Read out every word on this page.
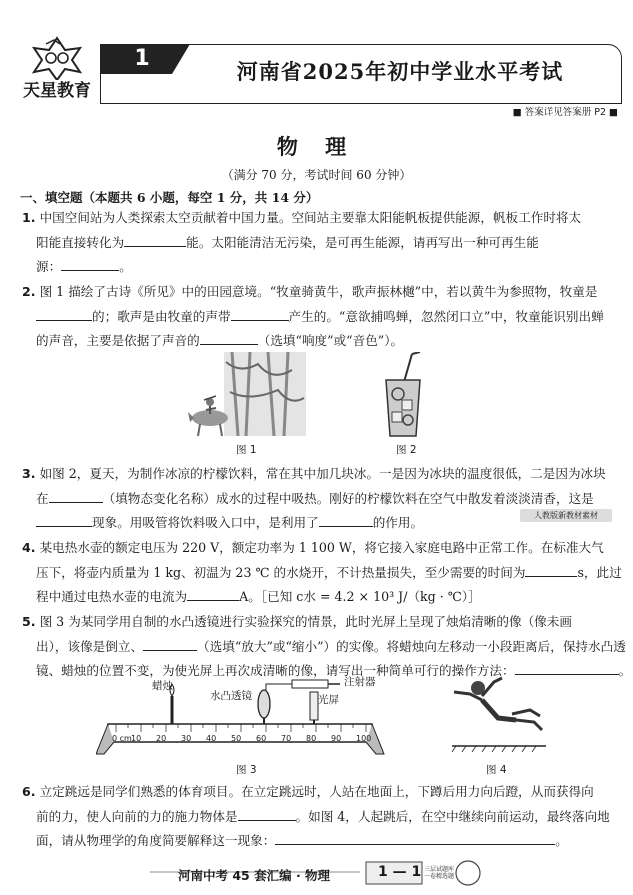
天星教育
1
河南省2025年初中学业水平考试
■ 答案详见答案册 P2 ■
物 理
（满分 70 分，考试时间 60 分钟）
一、填空题（本题共 6 小题，每空 1 分，共 14 分）
1. 中国空间站为人类探索太空贡献着中国力量。空间站主要靠太阳能帆板提供能源，帆板工作时将太
阳能直接转化为	能。太阳能清洁无污染，是可再生能源，请再写出一种可再生能
源：	。
2. 图 1 描绘了古诗《所见》中的田园意境。“牧童骑黄牛，歌声振林樾”中，若以黄牛为参照物，牧童是
的；歌声是由牧童的声带	产生的。“意欲捕鸣蝉，忽然闭口立”中，牧童能识别出蝉
的声音，主要是依据了声音的	（选填“响度”或“音色”）。
图 1	图 2
3. 如图 2，夏天，为制作冰凉的柠檬饮料，常在其中加几块冰。一是因为冰块的温度很低，二是因为冰块
在	（填物态变化名称）成水的过程中吸热。刚好的柠檬饮料在空气中散发着淡淡清香，这是
现象。用吸管将饮料吸入口中，是利用了	的作用。	人教版新教材素材
4. 某电热水壶的额定电压为 220 V，额定功率为 1 100 W，将它接入家庭电路中正常工作。在标准大气
压下，将壶内质量为 1 kg、初温为 23 ℃ 的水烧开，不计热量损失，至少需要的时间为	s，此过
程中通过电热水壶的电流为	A。［已知 c水 = 4.2 × 10³ J/（kg · ℃）］
5. 图 3 为某同学用自制的水凸透镜进行实验探究的情景，此时光屏上呈现了烛焰清晰的像（像未画
出），该像是倒立、	（选填“放大”或“缩小”）的实像。将蜡烛向左移动一小段距离后，保持水凸透
镜、蜡烛的位置不变，为使光屏上再次成清晰的像，请写出一种简单可行的操作方法：	。
蜡烛
水凸透镜
注射器
光屏
0 cm 10 20 30 40 50 60 70 80 90 100
图 3	图 4
6. 立定跳远是同学们熟悉的体育项目。在立定跳远时，人站在地面上，下蹲后用力向后蹬，从而获得向
前的力，使人向前的力的施力物体是	。如图 4，人起跳后，在空中继续向前运动，最终落向地
面，请从物理学的角度简要解释这一现象：	。
河南中考 45 套汇编 · 物理	1 — 1 三层试题库 一卷精选题
